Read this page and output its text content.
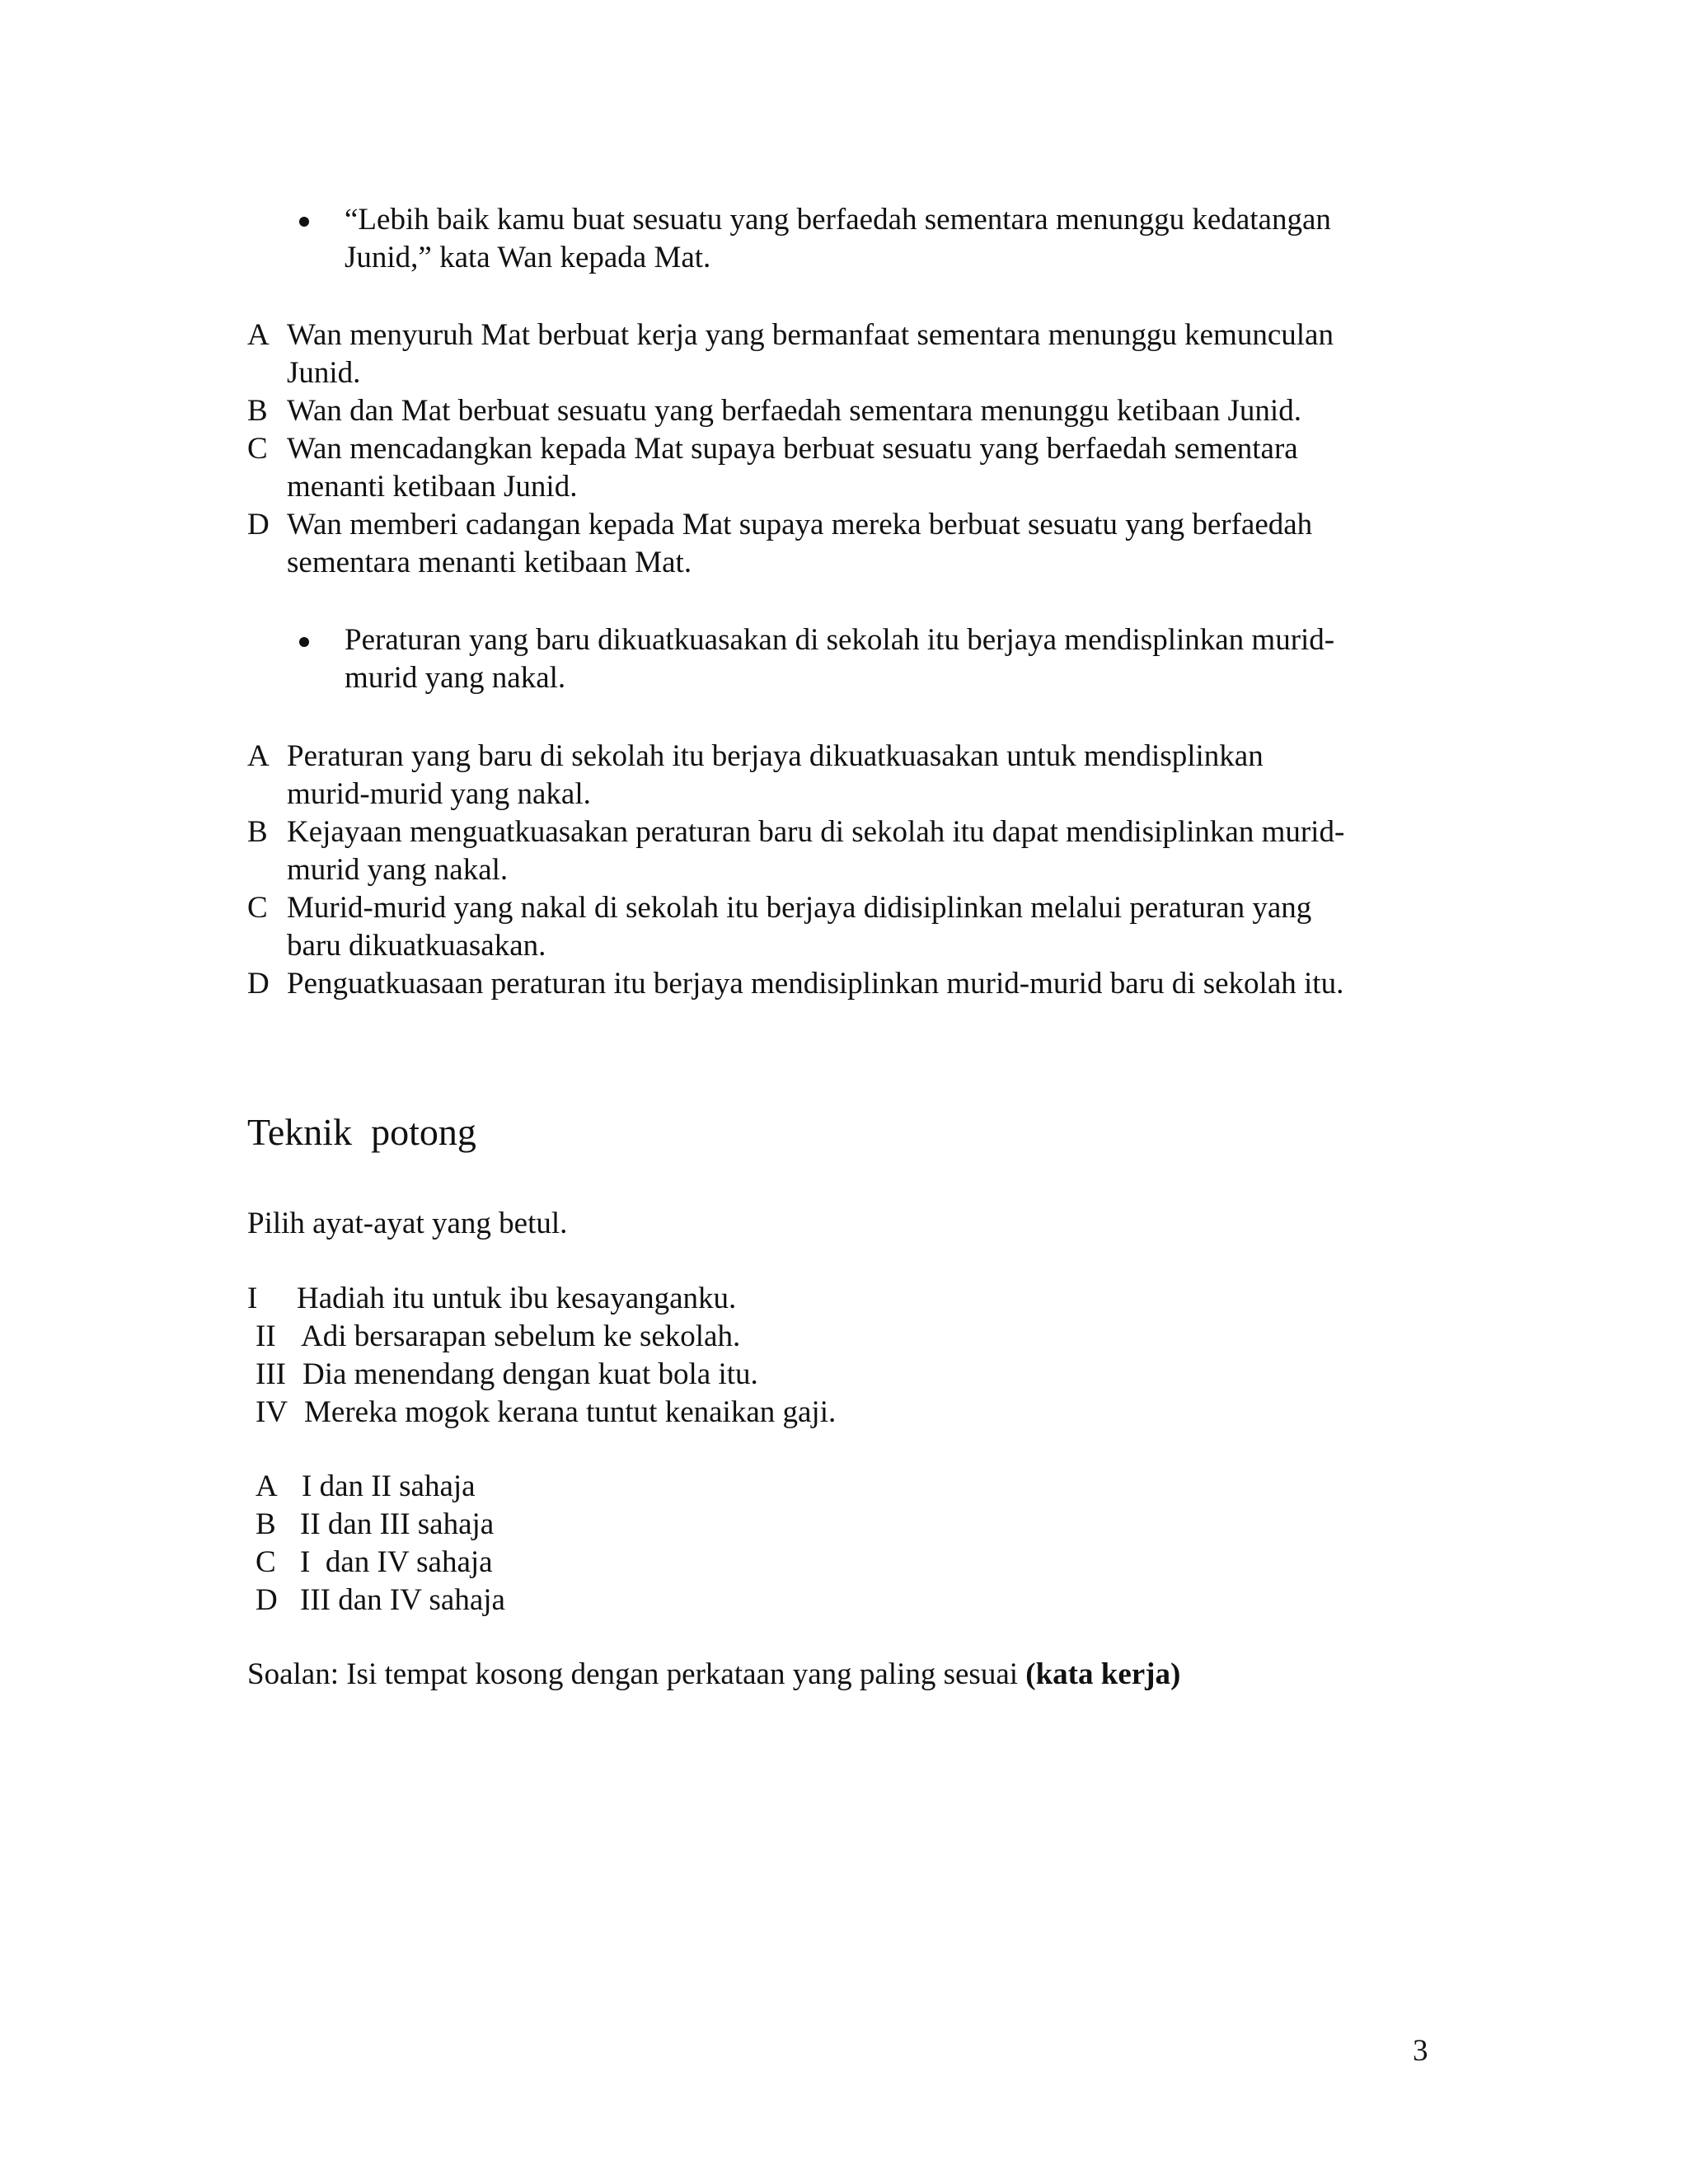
“Lebih baik kamu buat sesuatu yang berfaedah sementara menunggu kedatangan
Junid,” kata Wan kepada Mat.
A Wan menyuruh Mat berbuat kerja yang bermanfaat sementara menunggu kemunculan
Junid.
B Wan dan Mat berbuat sesuatu yang berfaedah sementara menunggu ketibaan Junid.
C Wan mencadangkan kepada Mat supaya berbuat sesuatu yang berfaedah sementara
menanti ketibaan Junid.
D Wan memberi cadangan kepada Mat supaya mereka berbuat sesuatu yang berfaedah
sementara menanti ketibaan Mat.
Peraturan yang baru dikuatkuasakan di sekolah itu berjaya mendisplinkan murid-
murid yang nakal.
A Peraturan yang baru di sekolah itu berjaya dikuatkuasakan untuk mendisplinkan
murid-murid yang nakal.
B Kejayaan menguatkuasakan peraturan baru di sekolah itu dapat mendisiplinkan murid-
murid yang nakal.
C Murid-murid yang nakal di sekolah itu berjaya didisiplinkan melalui peraturan yang
baru dikuatkuasakan.
D Penguatkuasaan peraturan itu berjaya mendisiplinkan murid-murid baru di sekolah itu.
Teknik  potong
Pilih ayat-ayat yang betul.
I Hadiah itu untuk ibu kesayanganku.
II Adi bersarapan sebelum ke sekolah.
III Dia menendang dengan kuat bola itu.
IV Mereka mogok kerana tuntut kenaikan gaji.
A I dan II sahaja
B II dan III sahaja
C I  dan IV sahaja
D III dan IV sahaja
Soalan: Isi tempat kosong dengan perkataan yang paling sesuai (kata kerja)
3
